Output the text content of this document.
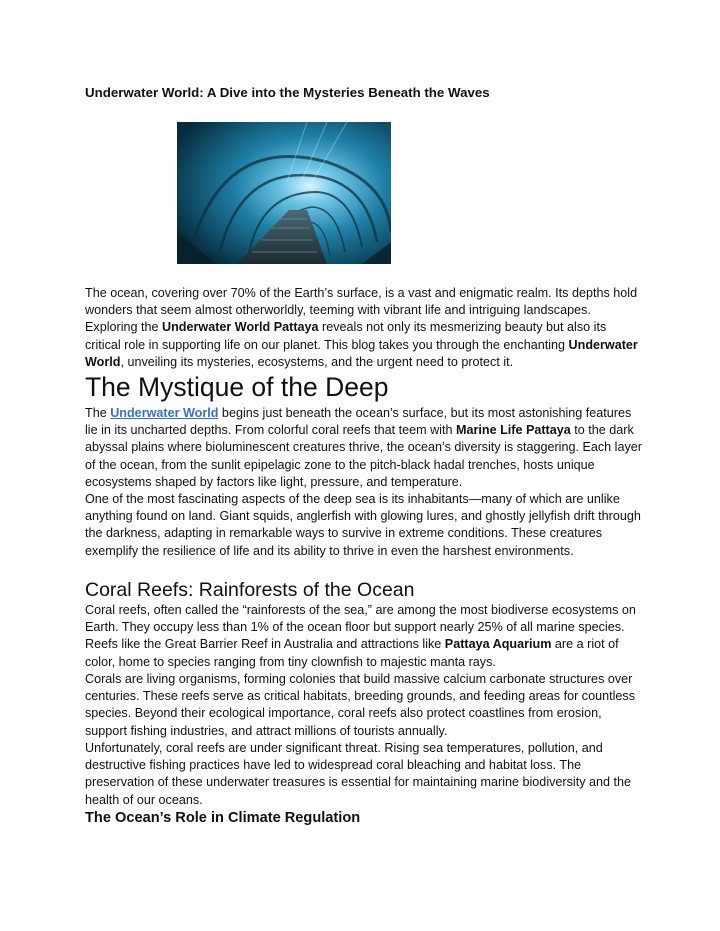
Underwater World: A Dive into the Mysteries Beneath the Waves

The ocean, covering over 70% of the Earth’s surface, is a vast and enigmatic realm. Its depths hold wonders that seem almost otherworldly, teeming with vibrant life and intriguing landscapes. Exploring the Underwater World Pattaya reveals not only its mesmerizing beauty but also its critical role in supporting life on our planet. This blog takes you through the enchanting Underwater World, unveiling its mysteries, ecosystems, and the urgent need to protect it.

The Mystique of the Deep

The Underwater World begins just beneath the ocean’s surface, but its most astonishing features lie in its uncharted depths. From colorful coral reefs that teem with Marine Life Pattaya to the dark abyssal plains where bioluminescent creatures thrive, the ocean’s diversity is staggering. Each layer of the ocean, from the sunlit epipelagic zone to the pitch-black hadal trenches, hosts unique ecosystems shaped by factors like light, pressure, and temperature.

One of the most fascinating aspects of the deep sea is its inhabitants—many of which are unlike anything found on land. Giant squids, anglerfish with glowing lures, and ghostly jellyfish drift through the darkness, adapting in remarkable ways to survive in extreme conditions. These creatures exemplify the resilience of life and its ability to thrive in even the harshest environments.

Coral Reefs: Rainforests of the Ocean

Coral reefs, often called the “rainforests of the sea,” are among the most biodiverse ecosystems on Earth. They occupy less than 1% of the ocean floor but support nearly 25% of all marine species. Reefs like the Great Barrier Reef in Australia and attractions like Pattaya Aquarium are a riot of color, home to species ranging from tiny clownfish to majestic manta rays.

Corals are living organisms, forming colonies that build massive calcium carbonate structures over centuries. These reefs serve as critical habitats, breeding grounds, and feeding areas for countless species. Beyond their ecological importance, coral reefs also protect coastlines from erosion, support fishing industries, and attract millions of tourists annually.

Unfortunately, coral reefs are under significant threat. Rising sea temperatures, pollution, and destructive fishing practices have led to widespread coral bleaching and habitat loss. The preservation of these underwater treasures is essential for maintaining marine biodiversity and the health of our oceans.

The Ocean’s Role in Climate Regulation
